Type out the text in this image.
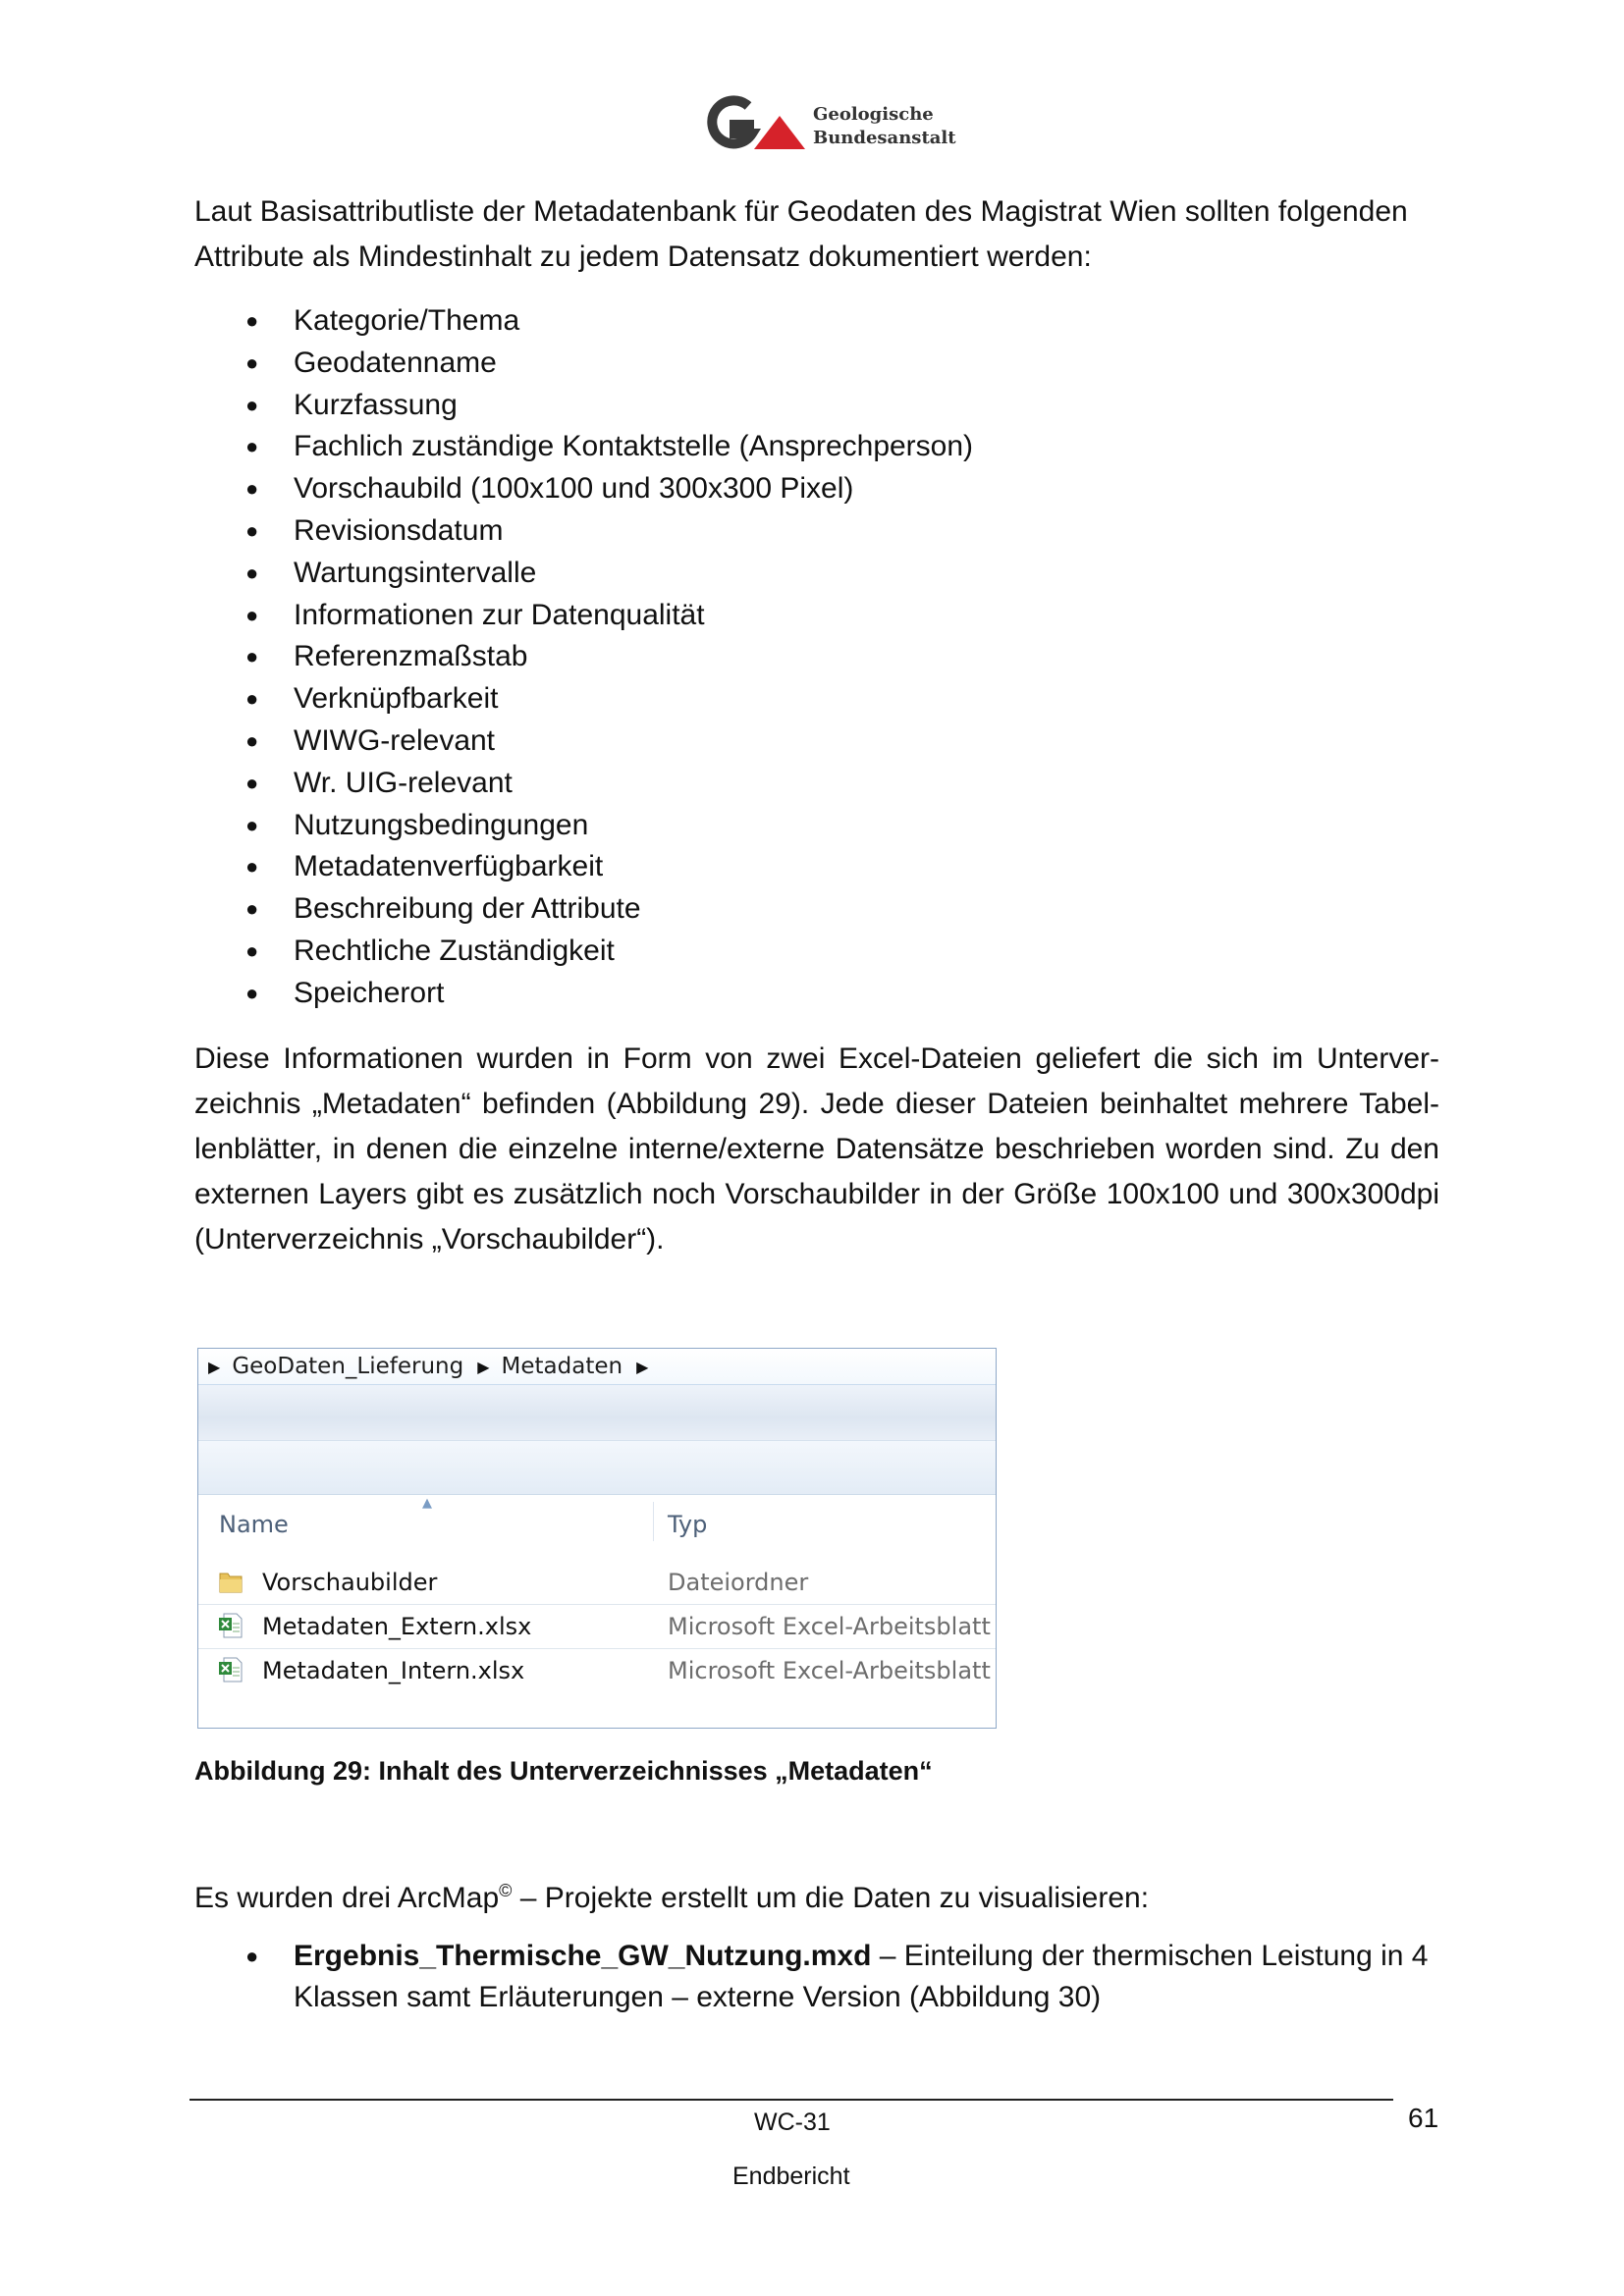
Geologische
Bundesanstalt

Laut Basisattributliste der Metadatenbank für Geodaten des Magistrat Wien sollten folgenden Attribute als Mindestinhalt zu jedem Datensatz dokumentiert werden:

● Kategorie/Thema
● Geodatenname
● Kurzfassung
● Fachlich zuständige Kontaktstelle (Ansprechperson)
● Vorschaubild (100x100 und 300x300 Pixel)
● Revisionsdatum
● Wartungsintervalle
● Informationen zur Datenqualität
● Referenzmaßstab
● Verknüpfbarkeit
● WIWG-relevant
● Wr. UIG-relevant
● Nutzungsbedingungen
● Metadatenverfügbarkeit
● Beschreibung der Attribute
● Rechtliche Zuständigkeit
● Speicherort

Diese Informationen wurden in Form von zwei Excel-Dateien geliefert die sich im Unterver-zeichnis „Metadaten“ befinden (Abbildung 29). Jede dieser Dateien beinhaltet mehrere Tabel-lenblätter, in denen die einzelne interne/externe Datensätze beschrieben worden sind. Zu den externen Layers gibt es zusätzlich noch Vorschaubilder in der Größe 100x100 und 300x300dpi (Unterverzeichnis „Vorschaubilder“).

▶ GeoDaten_Lieferung ▶ Metadaten ▶
▲
Name	Typ
Vorschaubilder	Dateiordner
Metadaten_Extern.xlsx	Microsoft Excel-Arbeitsblatt
Metadaten_Intern.xlsx	Microsoft Excel-Arbeitsblatt
Abbildung 29: Inhalt des Unterverzeichnisses „Metadaten“

Es wurden drei ArcMap© – Projekte erstellt um die Daten zu visualisieren:

● Ergebnis_Thermische_GW_Nutzung.mxd – Einteilung der thermischen Leistung in 4 Klassen samt Erläuterungen – externe Version (Abbildung 30)
WC-31	61
Endbericht
